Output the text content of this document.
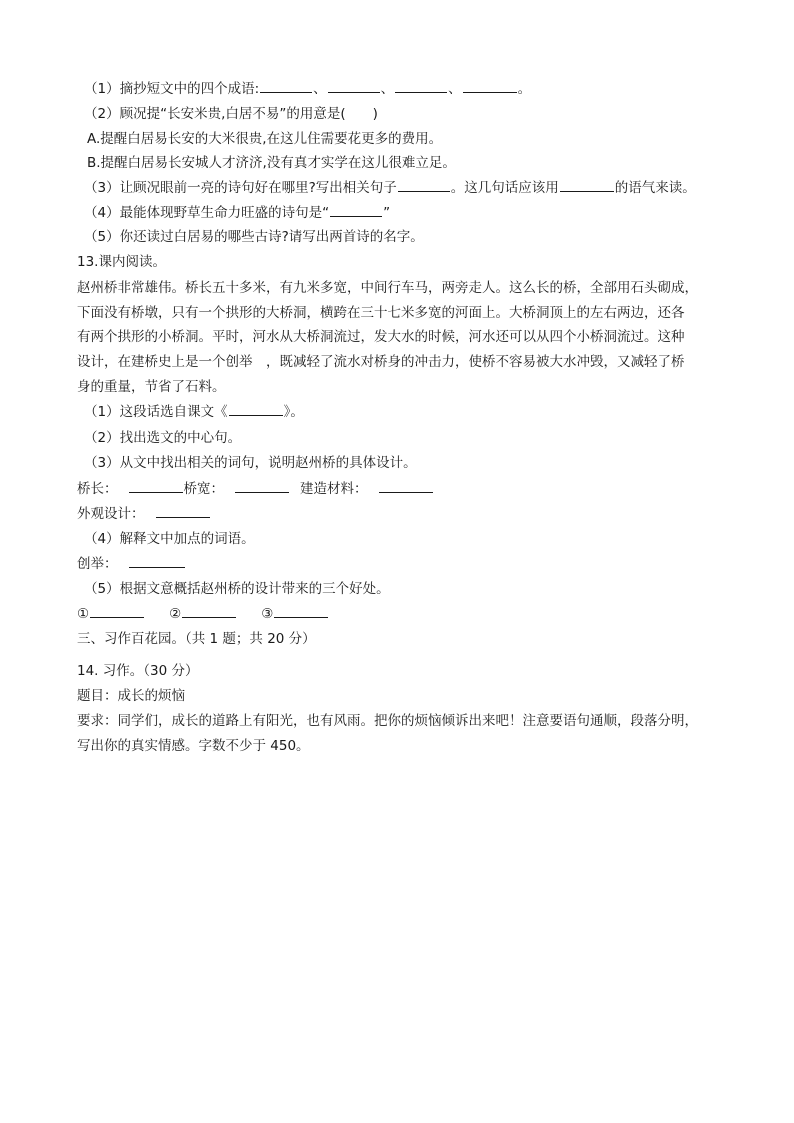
（1）摘抄短文中的四个成语:	、	、	、	。
（2）顾况提“长安米贵,白居不易”的用意是(　　)
A.提醒白居易长安的大米很贵,在这儿住需要花更多的费用。
B.提醒白居易长安城人才济济,没有真才实学在这儿很难立足。
（3）让顾况眼前一亮的诗句好在哪里?写出相关句子	。这几句话应该用	的语气来读。
（4）最能体现野草生命力旺盛的诗句是“	”
（5）你还读过白居易的哪些古诗?请写出两首诗的名字。
13.课内阅读。
赵州桥非常雄伟。桥长五十多米，有九米多宽，中间行车马，两旁走人。这么长的桥，全部用石头砌成，
下面没有桥墩，只有一个拱形的大桥洞，横跨在三十七米多宽的河面上。大桥洞顶上的左右两边，还各
有两个拱形的小桥洞。平时，河水从大桥洞流过，发大水的时候，河水还可以从四个小桥洞流过。这种
设计，在建桥史上是一个创举　，既减轻了流水对桥身的冲击力，使桥不容易被大水冲毁，又减轻了桥
身的重量，节省了石料。
（1）这段话选自课文《	》。
（2）找出选文的中心句。
（3）从文中找出相关的词句，说明赵州桥的具体设计。
桥长：	桥宽：	建造材料：
外观设计：
（4）解释文中加点的词语。
创举：
（5）根据文意概括赵州桥的设计带来的三个好处。
①	②	③
三、习作百花园。（共 1 题；共 20 分）
14. 习作。（30 分）
题目：成长的烦恼
要求：同学们，成长的道路上有阳光，也有风雨。把你的烦恼倾诉出来吧！注意要语句通顺，段落分明，
写出你的真实情感。字数不少于 450。
